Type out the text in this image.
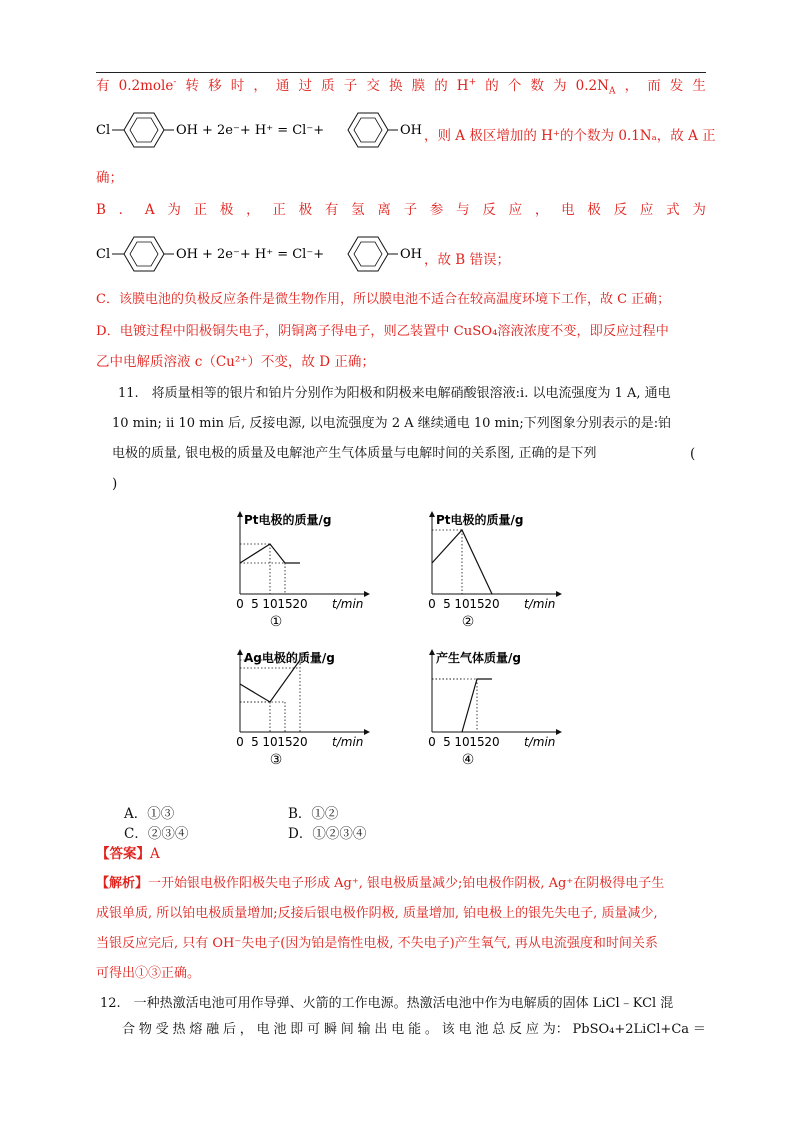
有 0.2mole- 转 移 时 ， 通 过 质 子 交 换 膜 的 H+ 的 个 数 为 $0.2N_A$ ， 而 发 生
Cl	OH + 2e⁻+ H⁺ = Cl⁻+	OH ，则 A 极区增加的 H⁺的个数为 0.1Nₐ，故 A 正
确；
B ． A 为 正 极 ， 正 极 有 氢 离 子 参 与 反 应 ， 电 极 反 应 式 为
Cl	OH + 2e⁻+ H⁺ = Cl⁻+	OH ，故 B 错误；
C．该膜电池的负极反应条件是微生物作用，所以膜电池不适合在较高温度环境下工作，故 C 正确；
D．电镀过程中阳极铜失电子，阴铜离子得电子，则乙装置中 CuSO₄溶液浓度不变，即反应过程中
乙中电解质溶液 c（Cu²⁺）不变，故 D 正确；
11.　将质量相等的银片和铂片分别作为阳极和阴极来电解硝酸银溶液:ⅰ. 以电流强度为 1 A, 通电
10 min; ⅱ 10 min 后, 反接电源, 以电流强度为 2 A 继续通电 10 min;下列图象分别表示的是:铂
电极的质量, 银电极的质量及电解池产生气体质量与电解时间的关系图, 正确的是下列	(
)
Pt电极的质量/g
0 5 10 15 20 t/min
①
Pt电极的质量/g
0 5 10 15 20 t/min
②
Ag电极的质量/g
0 5 10 15 20 t/min
③
产生气体质量/g
0 5 10 15 20 t/min
④
A．①③	B．①②
C．②③④	D．①②③④
【答案】A
【解析】一开始银电极作阳极失电子形成 Ag⁺, 银电极质量减少;铂电极作阴极, Ag⁺在阴极得电子生
成银单质, 所以铂电极质量增加;反接后银电极作阴极, 质量增加, 铂电极上的银先失电子, 质量减少,
当银反应完后, 只有 OH⁻失电子(因为铂是惰性电极, 不失电子)产生氧气, 再从电流强度和时间关系
可得出①③正确。
12.　一种热激活电池可用作导弹、火箭的工作电源。热激活电池中作为电解质的固体 LiCl﹣KCl 混
合 物 受 热 熔 融 后 ， 电 池 即 可 瞬 间 输 出 电 能 。 该 电 池 总 反 应 为： PbSO₄+2LiCl+Ca ＝
